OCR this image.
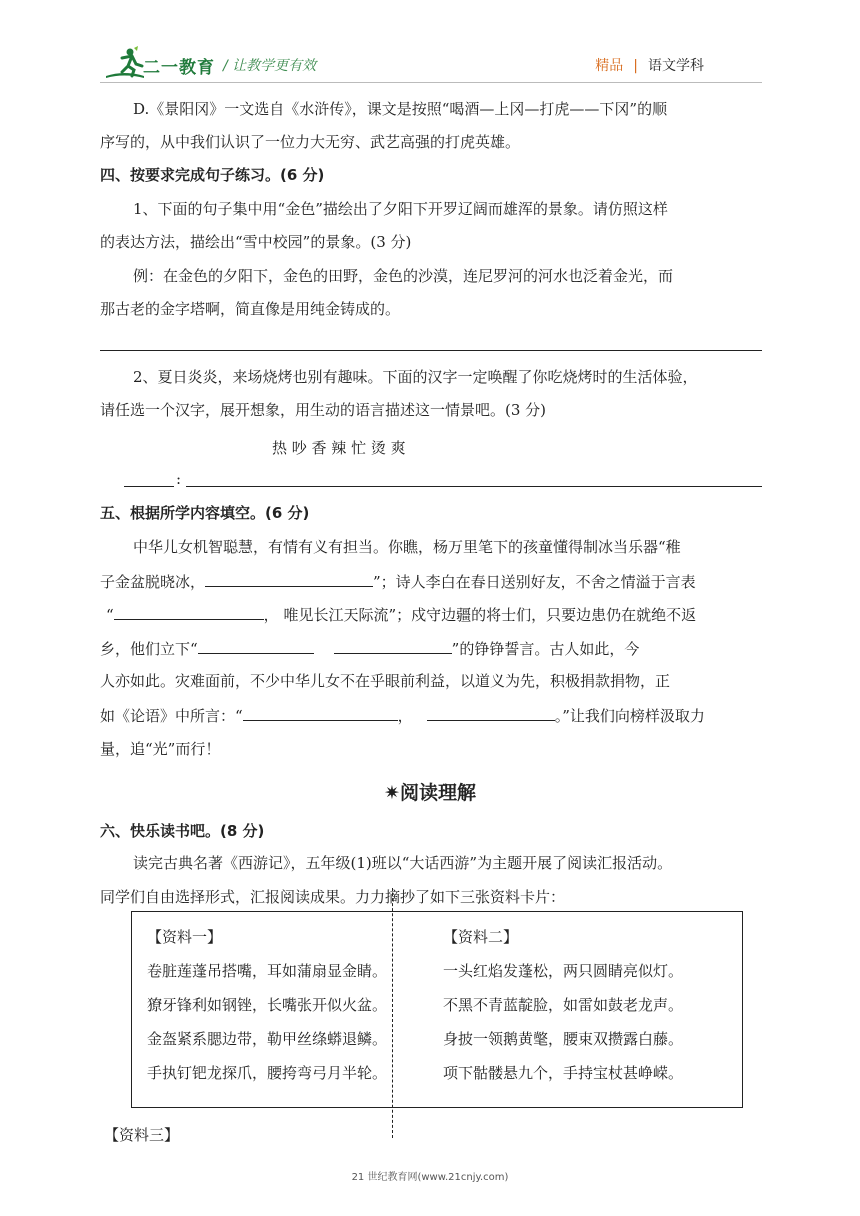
二一教育 / 让教学更有效	精品 | 语文学科
D.《景阳冈》一文选自《水浒传》，课文是按照“喝酒—上冈—打虎——下冈”的顺
序写的，从中我们认识了一位力大无穷、武艺高强的打虎英雄。
四、按要求完成句子练习。(6 分)
1、下面的句子集中用“金色”描绘出了夕阳下开罗辽阔而雄浑的景象。请仿照这样
的表达方法，描绘出“雪中校园”的景象。(3 分)
例：在金色的夕阳下，金色的田野，金色的沙漠，连尼罗河的河水也泛着金光，而
那古老的金字塔啊，简直像是用纯金铸成的。
2、夏日炎炎，来场烧烤也别有趣味。下面的汉字一定唤醒了你吃烧烤时的生活体验，
请任选一个汉字，展开想象，用生动的语言描述这一情景吧。(3 分)
热 吵 香 辣 忙 烫 爽
:
五、根据所学内容填空。(6 分)
中华儿女机智聪慧，有情有义有担当。你瞧，杨万里笔下的孩童懂得制冰当乐器“稚
子金盆脱晓冰，	”；诗人李白在春日送别好友，不舍之情溢于言表
“	， 唯见长江天际流”；戍守边疆的将士们，只要边患仍在就绝不返
乡，他们立下“	”的铮铮誓言。古人如此，今
人亦如此。灾难面前，不少中华儿女不在乎眼前利益，以道义为先，积极捐款捐物，正
如《论语》中所言：“	，	。”让我们向榜样汲取力
量，追“光”而行！
✷阅读理解
六、快乐读书吧。(8 分)
读完古典名著《西游记》，五年级(1)班以“大话西游”为主题开展了阅读汇报活动。
同学们自由选择形式，汇报阅读成果。力力摘抄了如下三张资料卡片：
【资料一】
卷脏莲蓬吊搭嘴，耳如蒲扇显金睛。
獠牙锋利如钢锉，长嘴张开似火盆。
金盔紧系腮边带，勒甲丝绦蟒退鳞。
手执钉钯龙探爪，腰挎弯弓月半轮。
【资料二】
一头红焰发蓬松，两只圆睛亮似灯。
不黑不青蓝靛脸，如雷如鼓老龙声。
身披一领鹅黄氅，腰束双攒露白藤。
项下骷髅悬九个，手持宝杖甚峥嵘。
【资料三】
21 世纪教育网(www.21cnjy.com)
